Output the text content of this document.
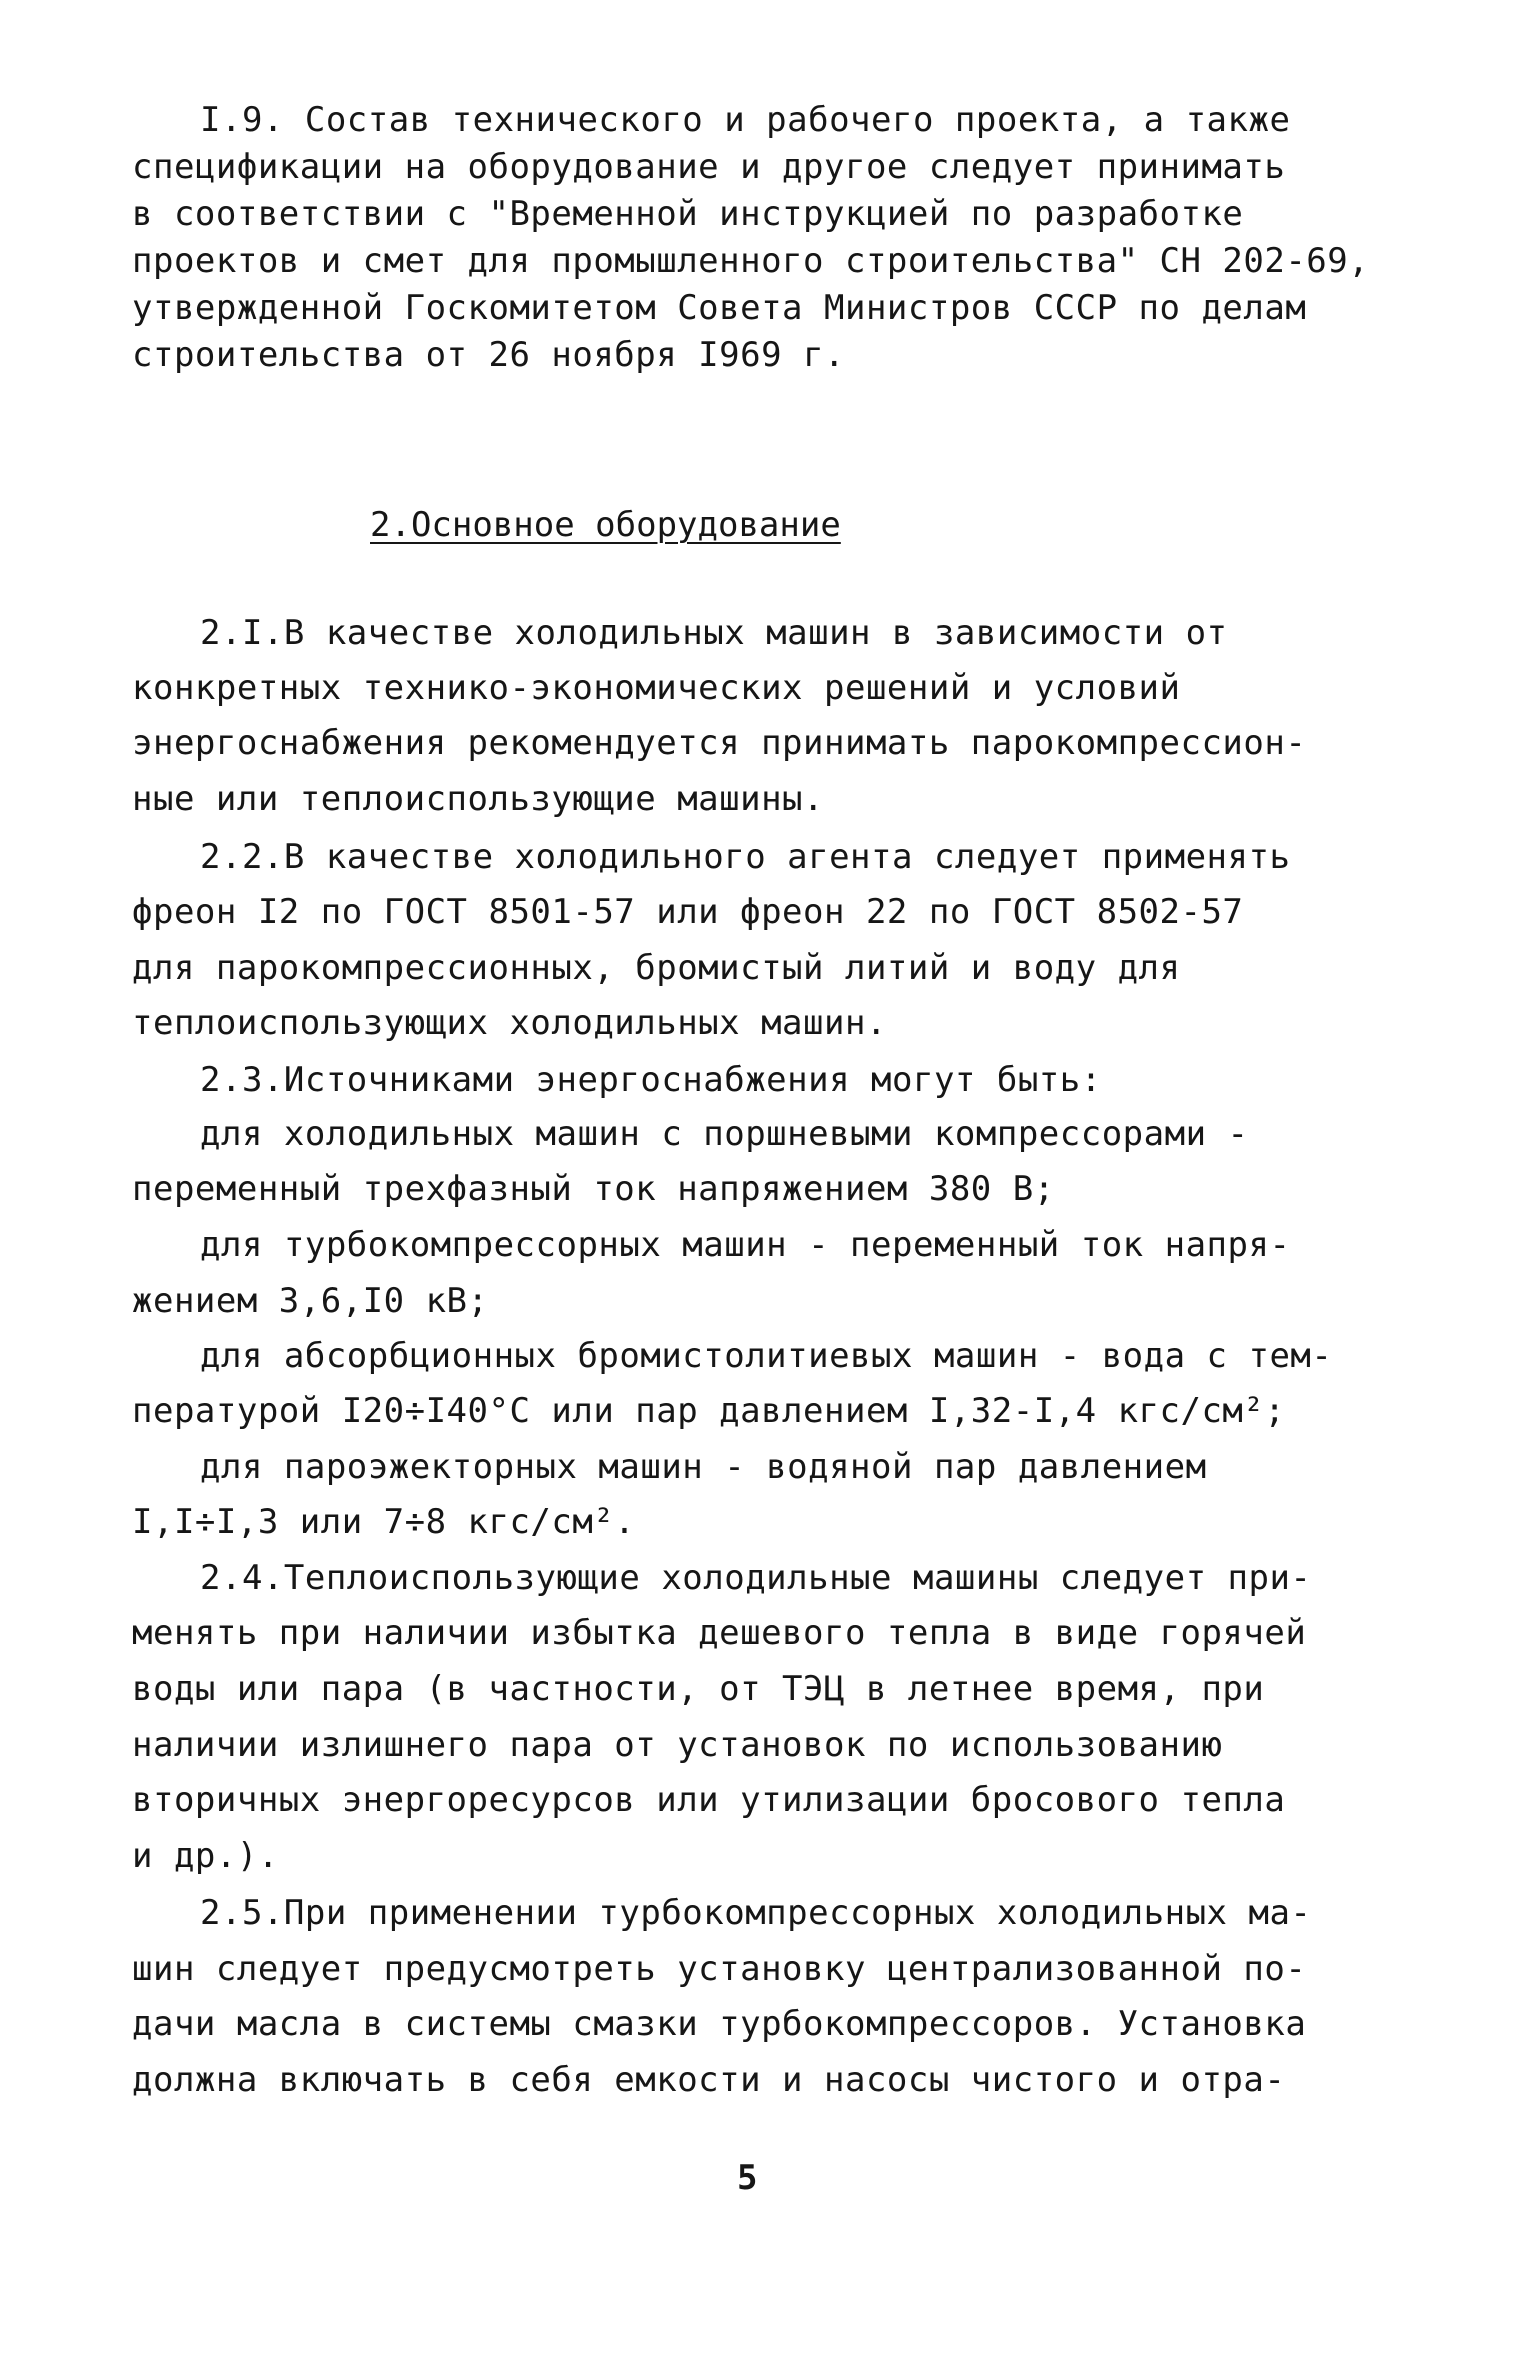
I.9. Состав технического и рабочего проекта, а также
спецификации на оборудование и другое следует принимать
в соответствии с "Временной инструкцией по разработке
проектов и смет для промышленного строительства" СН 202-69,
утвержденной Госкомитетом Совета Министров СССР по делам
строительства от 26 ноября I969 г.
2.Основное оборудование
2.I.В качестве холодильных машин в зависимости от
конкретных технико-экономических решений и условий
энергоснабжения рекомендуется принимать парокомпрессион-
ные или теплоиспользующие машины.
2.2.В качестве холодильного агента следует применять
фреон I2 по ГОСТ 8501-57 или фреон 22 по ГОСТ 8502-57
для парокомпрессионных, бромистый литий и воду для
теплоиспользующих холодильных машин.
2.3.Источниками энергоснабжения могут быть:
для холодильных машин с поршневыми компрессорами -
переменный трехфазный ток напряжением 380 В;
для турбокомпрессорных машин - переменный ток напря-
жением 3,6,I0 кВ;
для абсорбционных бромистолитиевых машин - вода с тем-
пературой I20÷I40°С или пар давлением I,32-I,4 кгс/см²;
для пароэжекторных машин - водяной пар давлением
I,I÷I,3 или 7÷8 кгс/см².
2.4.Теплоиспользующие холодильные машины следует при-
менять при наличии избытка дешевого тепла в виде горячей
воды или пара (в частности, от ТЭЦ в летнее время, при
наличии излишнего пара от установок по использованию
вторичных энергоресурсов или утилизации бросового тепла
и др.).
2.5.При применении турбокомпрессорных холодильных ма-
шин следует предусмотреть установку централизованной по-
дачи масла в системы смазки турбокомпрессоров. Установка
должна включать в себя емкости и насосы чистого и отра-
5
